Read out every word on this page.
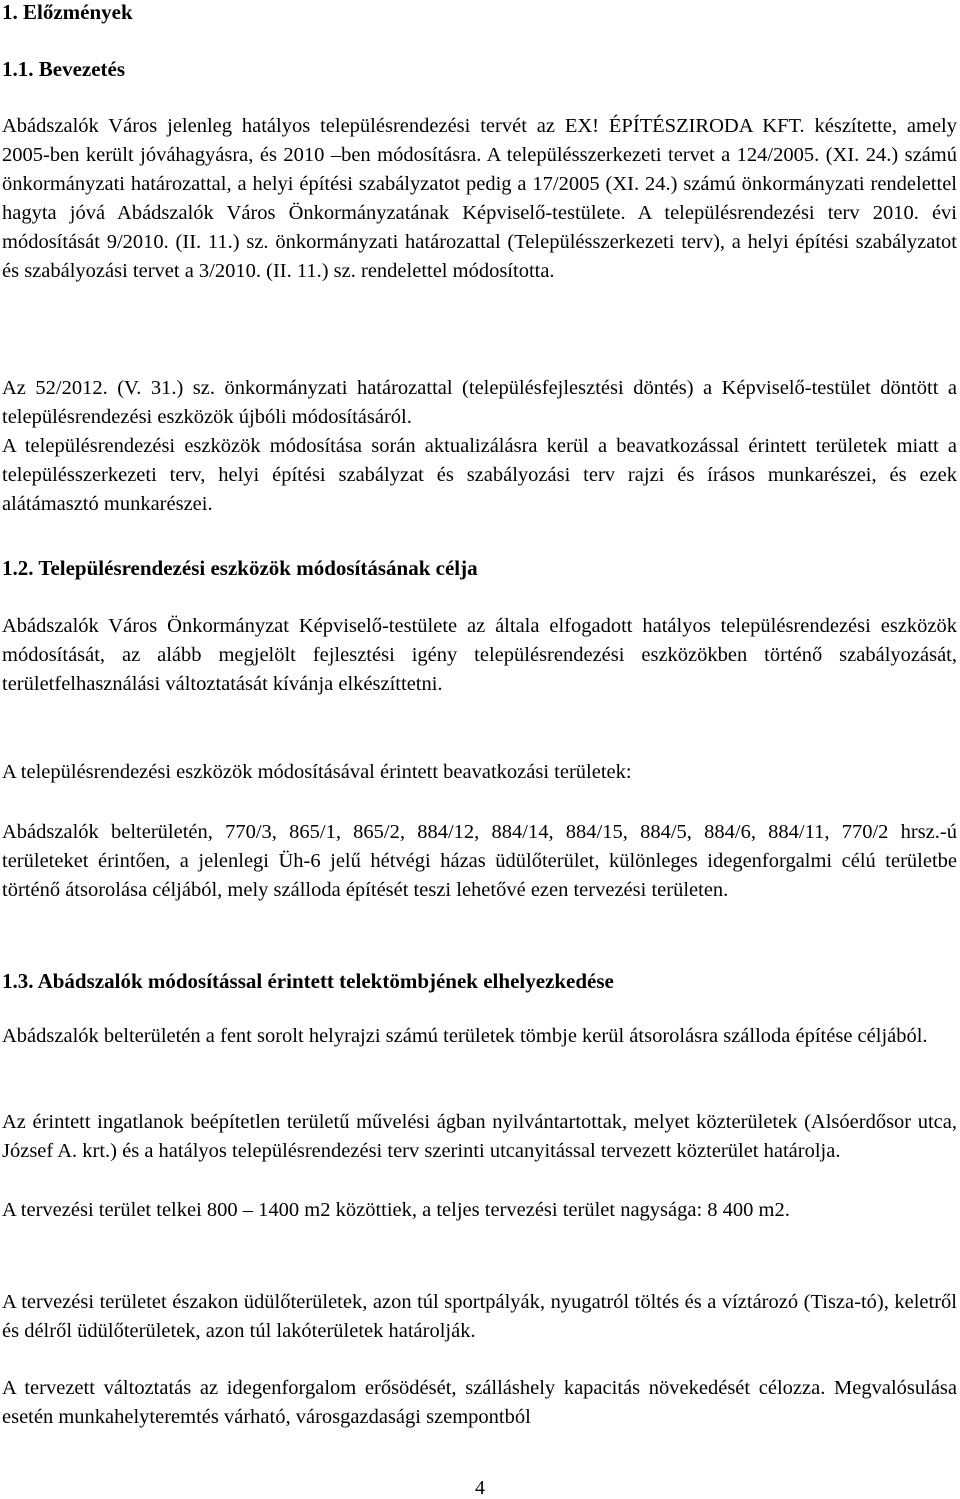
1. Előzmények
1.1. Bevezetés
Abádszalók Város jelenleg hatályos településrendezési tervét az EX! ÉPÍTÉSZIRODA KFT. készítette, amely 2005-ben került jóváhagyásra, és 2010 –ben módosításra. A településszerkezeti tervet a 124/2005. (XI. 24.) számú önkormányzati határozattal, a helyi építési szabályzatot pedig a 17/2005 (XI. 24.) számú önkormányzati rendelettel hagyta jóvá Abádszalók Város Önkormányzatának Képviselő-testülete. A településrendezési terv 2010. évi módosítását 9/2010. (II. 11.) sz. önkormányzati határozattal (Településszerkezeti terv), a helyi építési szabályzatot és szabályozási tervet a 3/2010. (II. 11.) sz. rendelettel módosította.
Az 52/2012. (V. 31.) sz. önkormányzati határozattal (településfejlesztési döntés) a Képviselő-testület döntött a településrendezési eszközök újbóli módosításáról.
A településrendezési eszközök módosítása során aktualizálásra kerül a beavatkozással érintett területek miatt a településszerkezeti terv, helyi építési szabályzat és szabályozási terv rajzi és írásos munkarészei, és ezek alátámasztó munkarészei.
1.2. Településrendezési eszközök módosításának célja
Abádszalók Város Önkormányzat Képviselő-testülete az általa elfogadott hatályos településrendezési eszközök módosítását, az alább megjelölt fejlesztési igény településrendezési eszközökben történő szabályozását, területfelhasználási változtatását kívánja elkészíttetni.
A településrendezési eszközök módosításával érintett beavatkozási területek:
Abádszalók belterületén, 770/3, 865/1, 865/2, 884/12, 884/14, 884/15, 884/5, 884/6, 884/11, 770/2 hrsz.-ú területeket érintően, a jelenlegi Üh-6 jelű hétvégi házas üdülőterület, különleges idegenforgalmi célú területbe történő átsorolása céljából, mely szálloda építését teszi lehetővé ezen tervezési területen.
1.3. Abádszalók módosítással érintett telektömbjének elhelyezkedése
Abádszalók belterületén a fent sorolt helyrajzi számú területek tömbje kerül átsorolásra szálloda építése céljából.
Az érintett ingatlanok beépítetlen területű művelési ágban nyilvántartottak, melyet közterületek (Alsóerdősor utca, József A. krt.) és a hatályos településrendezési terv szerinti utcanyitással tervezett közterület határolja.
A tervezési terület telkei 800 – 1400 m2 közöttiek, a teljes tervezési terület nagysága: 8 400 m2.
A tervezési területet északon üdülőterületek, azon túl sportpályák, nyugatról töltés és a víztározó (Tisza-tó), keletről és délről üdülőterületek, azon túl lakóterületek határolják.
A tervezett változtatás az idegenforgalom erősödését, szálláshely kapacitás növekedését célozza. Megvalósulása esetén munkahelyteremtés várható, városgazdasági szempontból
4
